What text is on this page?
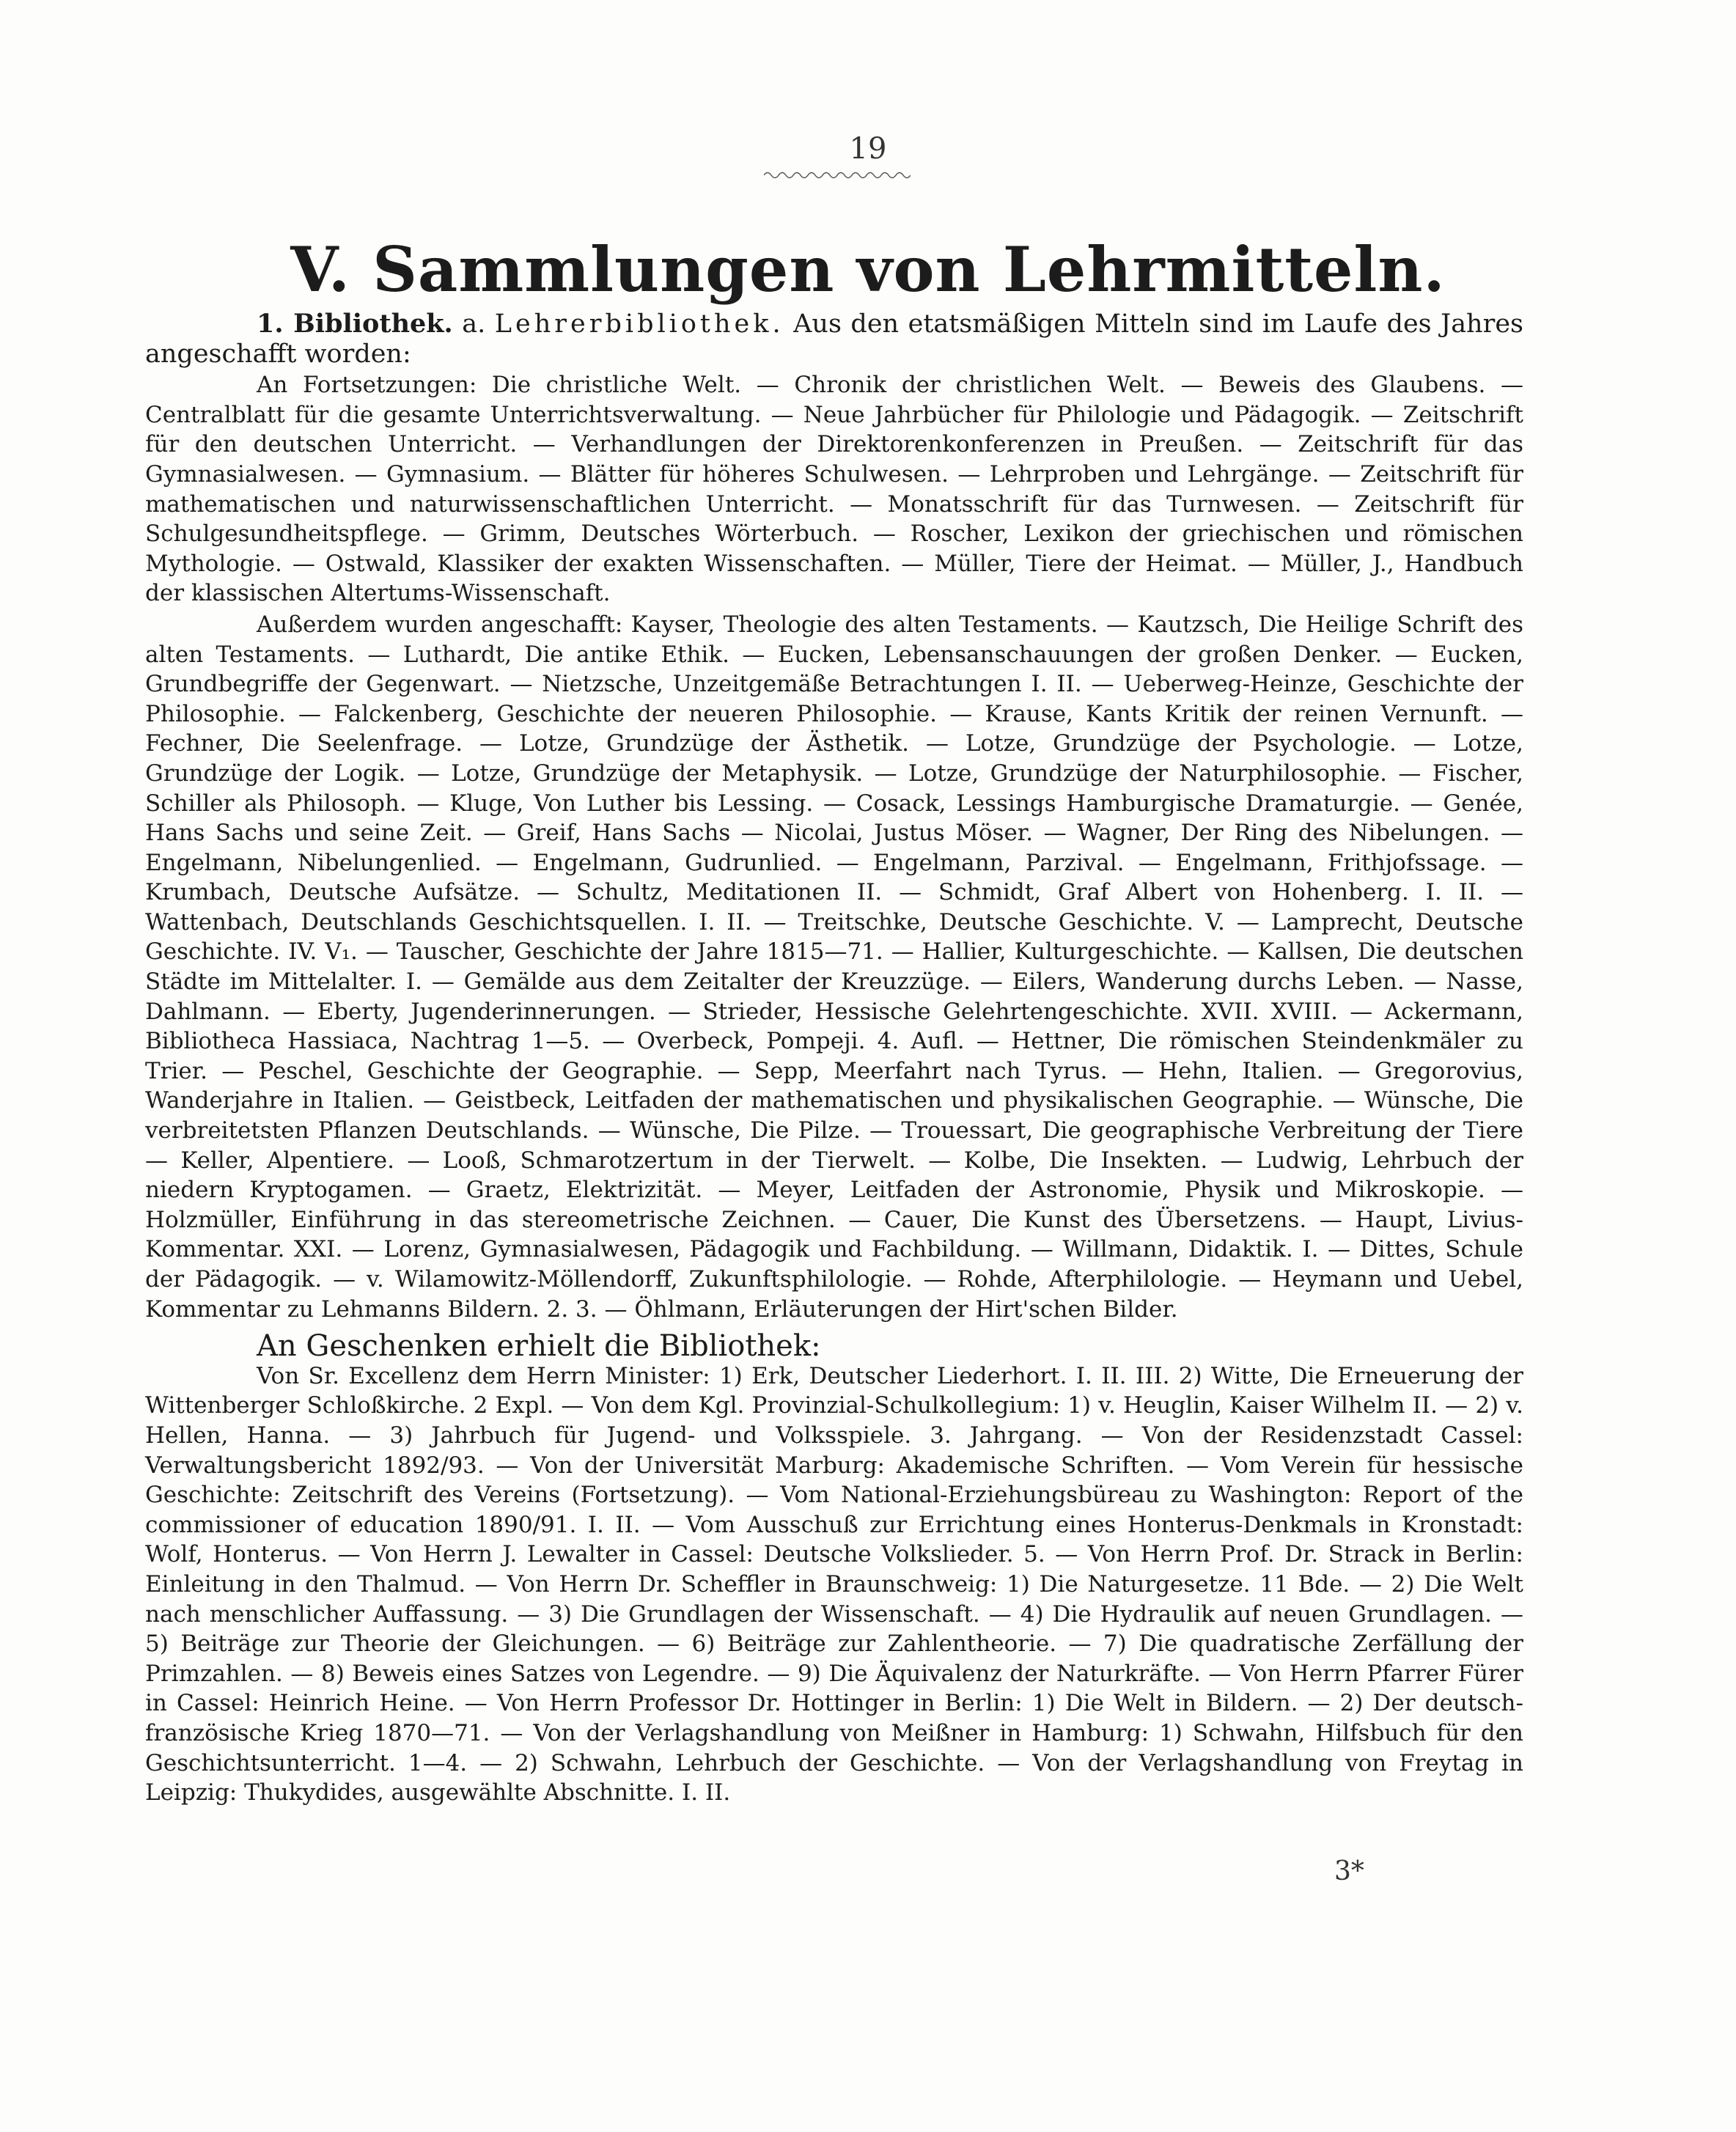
19
V. Sammlungen von Lehrmitteln.

1. Bibliothek. a. Lehrerbibliothek. Aus den etatsmäßigen Mitteln sind im Laufe des Jahres angeschafft worden:

An Fortsetzungen: Die christliche Welt. — Chronik der christlichen Welt. — Beweis des Glaubens. — Centralblatt für die gesamte Unterrichtsverwaltung. — Neue Jahrbücher für Philologie und Pädagogik. — Zeitschrift für den deutschen Unterricht. — Verhandlungen der Direktorenkonferenzen in Preußen. — Zeitschrift für das Gymnasialwesen. — Gymnasium. — Blätter für höheres Schulwesen. — Lehrproben und Lehrgänge. — Zeitschrift für mathematischen und naturwissenschaftlichen Unterricht. — Monatsschrift für das Turnwesen. — Zeitschrift für Schulgesundheitspflege. — Grimm, Deutsches Wörterbuch. — Roscher, Lexikon der griechischen und römischen Mythologie. — Ostwald, Klassiker der exakten Wissenschaften. — Müller, Tiere der Heimat. — Müller, J., Handbuch der klassischen Altertums-Wissenschaft.

Außerdem wurden angeschafft: Kayser, Theologie des alten Testaments. — Kautzsch, Die Heilige Schrift des alten Testaments. — Luthardt, Die antike Ethik. — Eucken, Lebensanschauungen der großen Denker. — Eucken, Grundbegriffe der Gegenwart. — Nietzsche, Unzeitgemäße Betrachtungen I. II. — Ueberweg-Heinze, Geschichte der Philosophie. — Falckenberg, Geschichte der neueren Philosophie. — Krause, Kants Kritik der reinen Vernunft. — Fechner, Die Seelenfrage. — Lotze, Grundzüge der Ästhetik. — Lotze, Grundzüge der Psychologie. — Lotze, Grundzüge der Logik. — Lotze, Grundzüge der Metaphysik. — Lotze, Grundzüge der Naturphilosophie. — Fischer, Schiller als Philosoph. — Kluge, Von Luther bis Lessing. — Cosack, Lessings Hamburgische Dramaturgie. — Genée, Hans Sachs und seine Zeit. — Greif, Hans Sachs — Nicolai, Justus Möser. — Wagner, Der Ring des Nibelungen. — Engelmann, Nibelungenlied. — Engelmann, Gudrunlied. — Engelmann, Parzival. — Engelmann, Frithjofssage. — Krumbach, Deutsche Aufsätze. — Schultz, Meditationen II. — Schmidt, Graf Albert von Hohenberg. I. II. — Wattenbach, Deutschlands Geschichtsquellen. I. II. — Treitschke, Deutsche Geschichte. V. — Lamprecht, Deutsche Geschichte. IV. V₁. — Tauscher, Geschichte der Jahre 1815—71. — Hallier, Kulturgeschichte. — Kallsen, Die deutschen Städte im Mittelalter. I. — Gemälde aus dem Zeitalter der Kreuzzüge. — Eilers, Wanderung durchs Leben. — Nasse, Dahlmann. — Eberty, Jugenderinnerungen. — Strieder, Hessische Gelehrtengeschichte. XVII. XVIII. — Ackermann, Bibliotheca Hassiaca, Nachtrag 1—5. — Overbeck, Pompeji. 4. Aufl. — Hettner, Die römischen Steindenkmäler zu Trier. — Peschel, Geschichte der Geographie. — Sepp, Meerfahrt nach Tyrus. — Hehn, Italien. — Gregorovius, Wanderjahre in Italien. — Geistbeck, Leitfaden der mathematischen und physikalischen Geographie. — Wünsche, Die verbreitetsten Pflanzen Deutschlands. — Wünsche, Die Pilze. — Trouessart, Die geographische Verbreitung der Tiere — Keller, Alpentiere. — Looß, Schmarotzertum in der Tierwelt. — Kolbe, Die Insekten. — Ludwig, Lehrbuch der niedern Kryptogamen. — Graetz, Elektrizität. — Meyer, Leitfaden der Astronomie, Physik und Mikroskopie. — Holzmüller, Einführung in das stereometrische Zeichnen. — Cauer, Die Kunst des Übersetzens. — Haupt, Livius-Kommentar. XXI. — Lorenz, Gymnasialwesen, Pädagogik und Fachbildung. — Willmann, Didaktik. I. — Dittes, Schule der Pädagogik. — v. Wilamowitz-Möllendorff, Zukunftsphilologie. — Rohde, Afterphilologie. — Heymann und Uebel, Kommentar zu Lehmanns Bildern. 2. 3. — Öhlmann, Erläuterungen der Hirt'schen Bilder.

An Geschenken erhielt die Bibliothek:

Von Sr. Excellenz dem Herrn Minister: 1) Erk, Deutscher Liederhort. I. II. III. 2) Witte, Die Erneuerung der Wittenberger Schloßkirche. 2 Expl. — Von dem Kgl. Provinzial-Schulkollegium: 1) v. Heuglin, Kaiser Wilhelm II. — 2) v. Hellen, Hanna. — 3) Jahrbuch für Jugend- und Volksspiele. 3. Jahrgang. — Von der Residenzstadt Cassel: Verwaltungsbericht 1892/93. — Von der Universität Marburg: Akademische Schriften. — Vom Verein für hessische Geschichte: Zeitschrift des Vereins (Fortsetzung). — Vom National-Erziehungsbüreau zu Washington: Report of the commissioner of education 1890/91. I. II. — Vom Ausschuß zur Errichtung eines Honterus-Denkmals in Kronstadt: Wolf, Honterus. — Von Herrn J. Lewalter in Cassel: Deutsche Volkslieder. 5. — Von Herrn Prof. Dr. Strack in Berlin: Einleitung in den Thalmud. — Von Herrn Dr. Scheffler in Braunschweig: 1) Die Naturgesetze. 11 Bde. — 2) Die Welt nach menschlicher Auffassung. — 3) Die Grundlagen der Wissenschaft. — 4) Die Hydraulik auf neuen Grundlagen. — 5) Beiträge zur Theorie der Gleichungen. — 6) Beiträge zur Zahlentheorie. — 7) Die quadratische Zerfällung der Primzahlen. — 8) Beweis eines Satzes von Legendre. — 9) Die Äquivalenz der Naturkräfte. — Von Herrn Pfarrer Fürer in Cassel: Heinrich Heine. — Von Herrn Professor Dr. Hottinger in Berlin: 1) Die Welt in Bildern. — 2) Der deutsch-französische Krieg 1870—71. — Von der Verlagshandlung von Meißner in Hamburg: 1) Schwahn, Hilfsbuch für den Geschichtsunterricht. 1—4. — 2) Schwahn, Lehrbuch der Geschichte. — Von der Verlagshandlung von Freytag in Leipzig: Thukydides, ausgewählte Abschnitte. I. II.

3*
